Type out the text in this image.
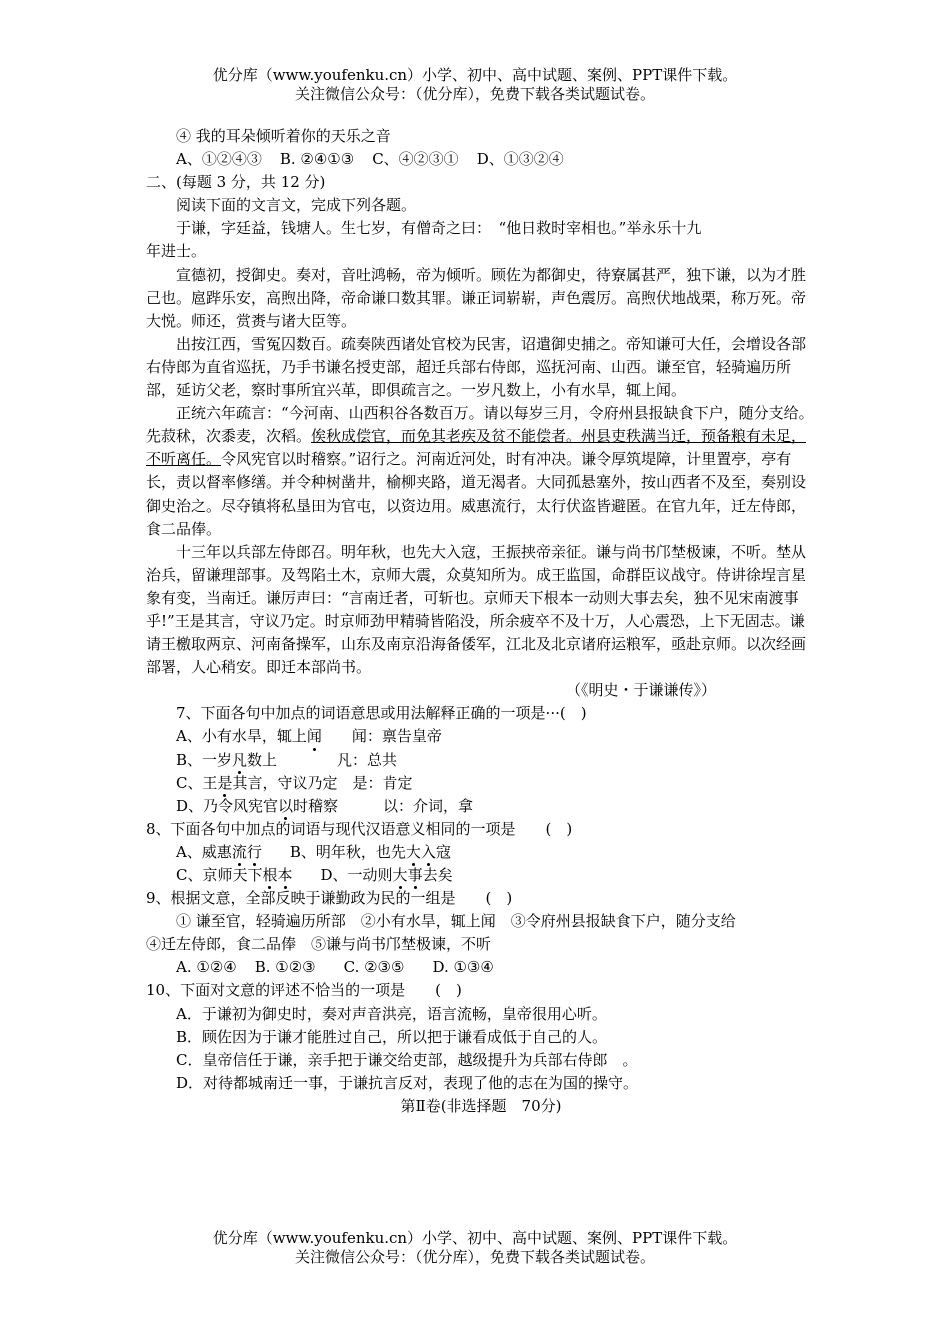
优分库（www.youfenku.cn）小学、初中、高中试题、案例、PPT课件下载。
关注微信公众号：（优分库），免费下载各类试题试卷。

④ 我的耳朵倾听着你的天乐之音

A、①②④③ B. ②④①③ C、④②③① D、①③②④

二、(每题 3 分，共 12 分)

阅读下面的文言文，完成下列各题。

于谦，字廷益，钱塘人。生七岁，有僧奇之曰：　“他日救时宰相也。”举永乐十九

年进士。

宣德初，授御史。奏对，音吐鸿畅，帝为倾听。顾佐为都御史，待寮属甚严，独下谦，以为才胜己也。扈跸乐安，高煦出降，帝命谦口数其罪。谦正词崭崭，声色震厉。高煦伏地战栗，称万死。帝大悦。师还，赏赉与诸大臣等。

出按江西，雪冤囚数百。疏奏陕西诸处官校为民害，诏遣御史捕之。帝知谦可大任，会增设各部右侍郎为直省巡抚，乃手书谦名授吏部，超迁兵部右侍郎，巡抚河南、山西。谦至官，轻骑遍历所部，延访父老，察时事所宜兴革，即俱疏言之。一岁凡数上，小有水旱，辄上闻。

正统六年疏言：“今河南、山西积谷各数百万。请以每岁三月，令府州县报缺食下户，随分支给。先菽秫，次黍麦，次稻。俟秋成偿官，而免其老疾及贫不能偿者。州县吏秩满当迁，预备粮有未足，不听离任。令风宪官以时稽察。”诏行之。河南近河处，时有冲决。谦令厚筑堤障，计里置亭，亭有长，责以督率修缮。并令种树凿井，榆柳夹路，道无渴者。大同孤悬塞外，按山西者不及至，奏别设御史治之。尽夺镇将私垦田为官屯，以资边用。威惠流行，太行伏盗皆避匿。在官九年，迁左侍郎，食二品俸。

十三年以兵部左侍郎召。明年秋，也先大入寇，王振挟帝亲征。谦与尚书邝埜极谏，不听。埜从治兵，留谦理部事。及驾陷土木，京师大震，众莫知所为。成王监国，命群臣议战守。侍讲徐埕言星象有变，当南迁。谦厉声曰：“言南迁者，可斩也。京师天下根本一动则大事去矣，独不见宋南渡事乎!”王是其言，守议乃定。时京师劲甲精骑皆陷没，所余疲卒不及十万，人心震恐，上下无固志。谦请王檄取两京、河南备操军，山东及南京沿海备倭军，江北及北京诸府运粮军，亟赴京师。以次经画部署，人心稍安。即迁本部尚书。

（《明史・于谦谦传》）

7、下面各句中加点的词语意思或用法解释正确的一项是···(　)

A、小有水旱，辄上闻　　闻：禀告皇帝

B、一岁凡数上　　　　凡：总共

C、王是其言，守议乃定　是：肯定

D、乃令风宪官以时稽察　　　以：介词，拿

8、下面各句中加点的词语与现代汉语意义相同的一项是　　(　)

A、威惠流行 B、明年秋，也先大入寇

C、京师天下根本 D、一动则大事去矣

9、根据文意，全部反映于谦勤政为民的一组是　　(　)

① 谦至官，轻骑遍历所部　②小有水旱，辄上闻　③令府州县报缺食下户，随分支给

④迁左侍郎，食二品俸　⑤谦与尚书邝埜极谏，不听

A. ①②④ B. ①②③ C. ②③⑤ D. ①③④

10、下面对文意的评述不恰当的一项是　　(　)

A．于谦初为御史时，奏对声音洪亮，语言流畅，皇帝很用心听。

B．顾佐因为于谦才能胜过自己，所以把于谦看成低于自己的人。

C．皇帝信任于谦，亲手把于谦交给吏部，越级提升为兵部右侍郎　。

D．对待都城南迁一事，于谦抗言反对，表现了他的志在为国的操守。

第Ⅱ卷(非选择题　70分)

优分库（www.youfenku.cn）小学、初中、高中试题、案例、PPT课件下载。
关注微信公众号：（优分库），免费下载各类试题试卷。
